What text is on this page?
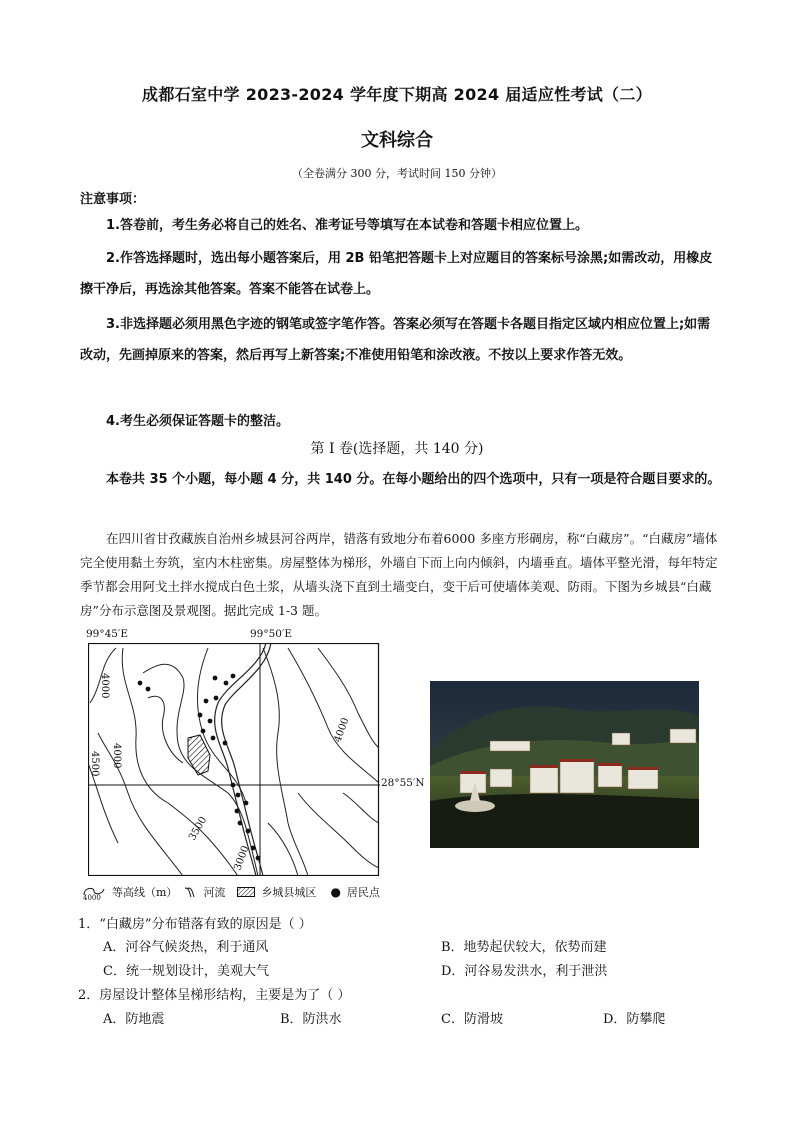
成都石室中学 2023-2024 学年度下期高 2024 届适应性考试（二）
文科综合
（全卷满分 300 分，考试时间 150 分钟）
注意事项：
1.答卷前，考生务必将自己的姓名、准考证号等填写在本试卷和答题卡相应位置上。
2.作答选择题时，选出每小题答案后，用 2B 铅笔把答题卡上对应题目的答案标号涂黑;如需改动，用橡皮擦干净后，再选涂其他答案。答案不能答在试卷上。
3.非选择题必须用黑色字迹的钢笔或签字笔作答。答案必须写在答题卡各题目指定区域内相应位置上;如需改动，先画掉原来的答案，然后再写上新答案;不准使用铅笔和涂改液。不按以上要求作答无效。
4.考生必须保证答题卡的整洁。
第 I 卷(选择题，共 140 分)
本卷共 35 个小题，每小题 4 分，共 140 分。在每小题给出的四个选项中，只有一项是符合题目要求的。
在四川省甘孜藏族自治州乡城县河谷两岸，错落有致地分布着6000 多座方形碉房，称“白藏房”。“白藏房”墙体完全使用黏土夯筑，室内木柱密集。房屋整体为梯形，外墙自下而上向内倾斜，内墙垂直。墙体平整光滑，每年特定季节都会用阿戈土拌水搅成白色土浆，从墙头浇下直到土墙变白，变干后可使墙体美观、防雨。下图为乡城县“白藏房”分布示意图及景观图。据此完成 1-3 题。
99°45′E	99°50′E
28°55′N
4000
4000
4500
4000
3500
3000
4000 等高线（m） 河流	乡城县城区 ● 居民点
1．“白藏房”分布错落有致的原因是（ ）
A．河谷气候炎热，利于通风	B．地势起伏较大，依势而建
C．统一规划设计，美观大气	D．河谷易发洪水，利于泄洪
2．房屋设计整体呈梯形结构，主要是为了（ ）
A．防地震	B．防洪水	C．防滑坡	D．防攀爬
